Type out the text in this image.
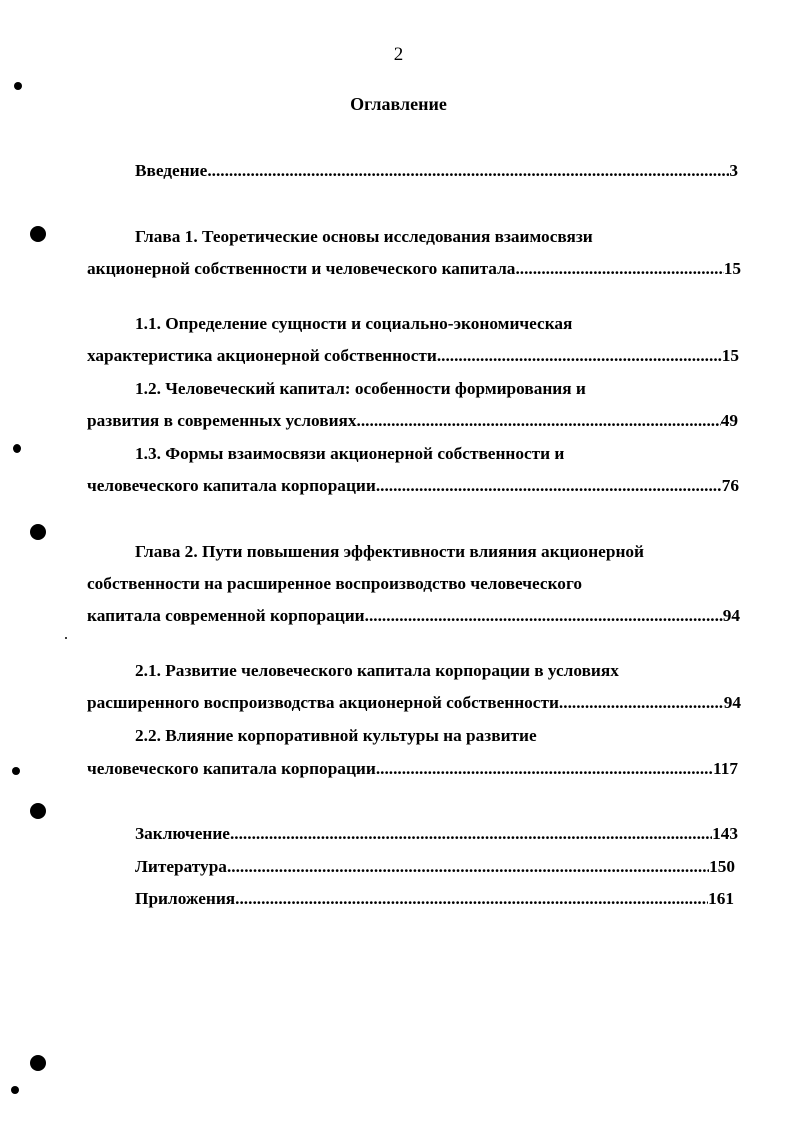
2
Оглавление
Введение .....	3
Глава 1. Теоретические основы исследования взаимосвязи
акционерной собственности и человеческого капитала .....	15
1.1. Определение сущности и социально-экономическая
характеристика акционерной собственности .....	15
1.2. Человеческий капитал: особенности формирования и
развития в современных условиях .....	49
1.3. Формы взаимосвязи акционерной собственности и
человеческого капитала корпорации .....	76
Глава 2. Пути повышения эффективности влияния акционерной
собственности на расширенное воспроизводство человеческого
капитала современной корпорации .....	94
2.1. Развитие человеческого капитала корпорации в условиях
расширенного воспроизводства акционерной собственности .....	94
2.2. Влияние корпоративной культуры на развитие
человеческого капитала корпорации .....	117
Заключение .....	143
Литература .....	150
Приложения .....	161
